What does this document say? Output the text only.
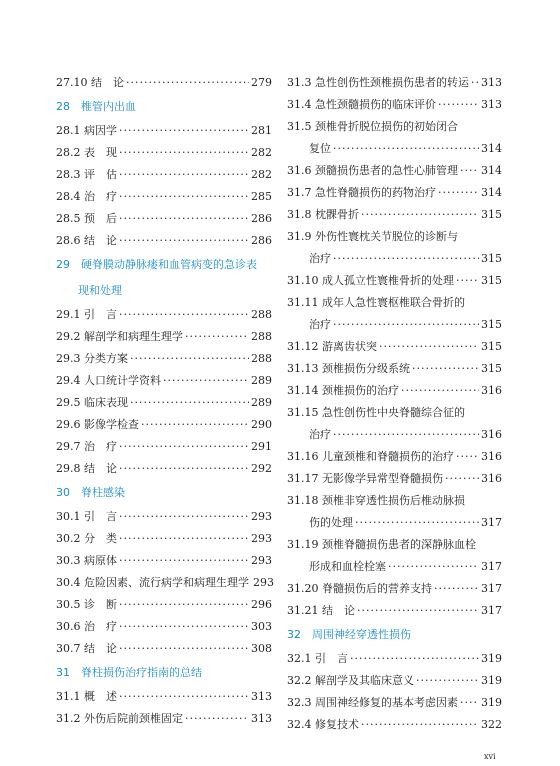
27.10 结　论 ·····	279
28　椎管内出血
28.1 病因学 ·····	281
28.2 表　现 ·····	282
28.3 评　估 ·····	282
28.4 治　疗 ·····	285
28.5 预　后 ·····	286
28.6 结　论 ·····	286
29　硬脊膜动静脉瘘和血管病变的急诊表
现和处理
29.1 引　言 ·····	288
29.2 解剖学和病理生理学 ·····	288
29.3 分类方案 ·····	288
29.4 人口统计学资料 ·····	289
29.5 临床表现 ·····	289
29.6 影像学检查 ·····	290
29.7 治　疗 ·····	291
29.8 结　论 ·····	292
30　脊柱感染
30.1 引　言 ·····	293
30.2 分　类 ·····	293
30.3 病原体 ·····	293
30.4 危险因素、流行病学和病理生理学 293
30.5 诊　断 ·····	296
30.6 治　疗 ·····	303
30.7 结　论 ·····	308
31　脊柱损伤治疗指南的总结
31.1 概　述 ·····	313
31.2 外伤后院前颈椎固定 ·····	313
31.3 急性创伤性颈椎损伤患者的转运 ····· 313
31.4 急性颈髓损伤的临床评价 ·····	313
31.5 颈椎骨折脱位损伤的初始闭合
复位 ·····	314
31.6 颈髓损伤患者的急性心肺管理 ····· 314
31.7 急性脊髓损伤的药物治疗 ·····	314
31.8 枕髁骨折 ·····	315
31.9 外伤性寰枕关节脱位的诊断与
治疗 ·····	315
31.10 成人孤立性寰椎骨折的处理 ····· 315
31.11 成年人急性寰枢椎联合骨折的
治疗 ·····	315
31.12 游离齿状突 ·····	315
31.13 颈椎损伤分级系统 ·····	315
31.14 颈椎损伤的治疗 ·····	316
31.15 急性创伤性中央脊髓综合征的
治疗 ·····	316
31.16 儿童颈椎和脊髓损伤的治疗 ····· 316
31.17 无影像学异常型脊髓损伤 ·····	316
31.18 颈椎非穿透性损伤后椎动脉损
伤的处理 ·····	317
31.19 颈椎脊髓损伤患者的深静脉血栓
形成和血栓栓塞 ·····	317
31.20 脊髓损伤后的营养支持 ·····	317
31.21 结　论 ·····	317
32　周围神经穿透性损伤
32.1 引　言 ·····	319
32.2 解剖学及其临床意义 ·····	319
32.3 周围神经修复的基本考虑因素 ····· 319
32.4 修复技术 ·····	322
xvi
